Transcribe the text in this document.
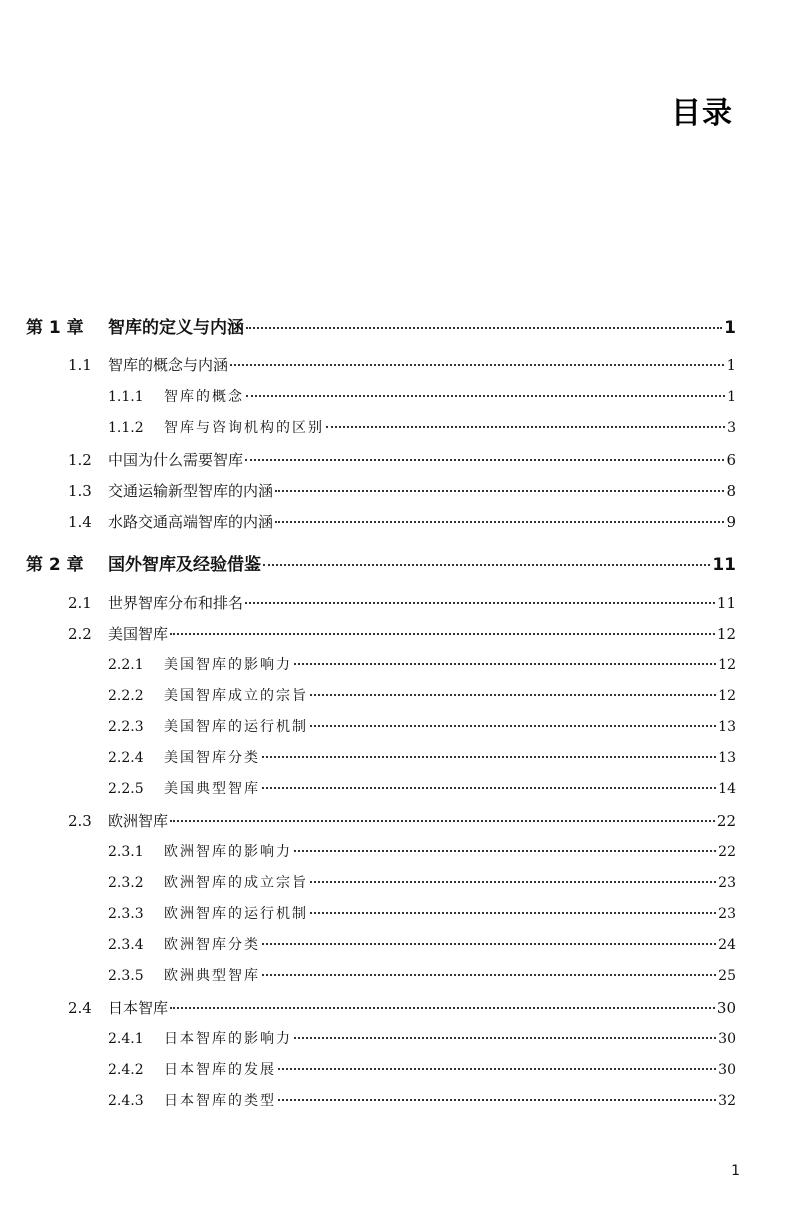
目录
第 1 章	智库的定义与内涵	1
1.1	智库的概念与内涵	1
1.1.1	智库的概念	1
1.1.2	智库与咨询机构的区别	3
1.2	中国为什么需要智库	6
1.3	交通运输新型智库的内涵	8
1.4	水路交通高端智库的内涵	9
第 2 章	国外智库及经验借鉴	11
2.1	世界智库分布和排名	11
2.2	美国智库	12
2.2.1	美国智库的影响力	12
2.2.2	美国智库成立的宗旨	12
2.2.3	美国智库的运行机制	13
2.2.4	美国智库分类	13
2.2.5	美国典型智库	14
2.3	欧洲智库	22
2.3.1	欧洲智库的影响力	22
2.3.2	欧洲智库的成立宗旨	23
2.3.3	欧洲智库的运行机制	23
2.3.4	欧洲智库分类	24
2.3.5	欧洲典型智库	25
2.4	日本智库	30
2.4.1	日本智库的影响力	30
2.4.2	日本智库的发展	30
2.4.3	日本智库的类型	32
1
